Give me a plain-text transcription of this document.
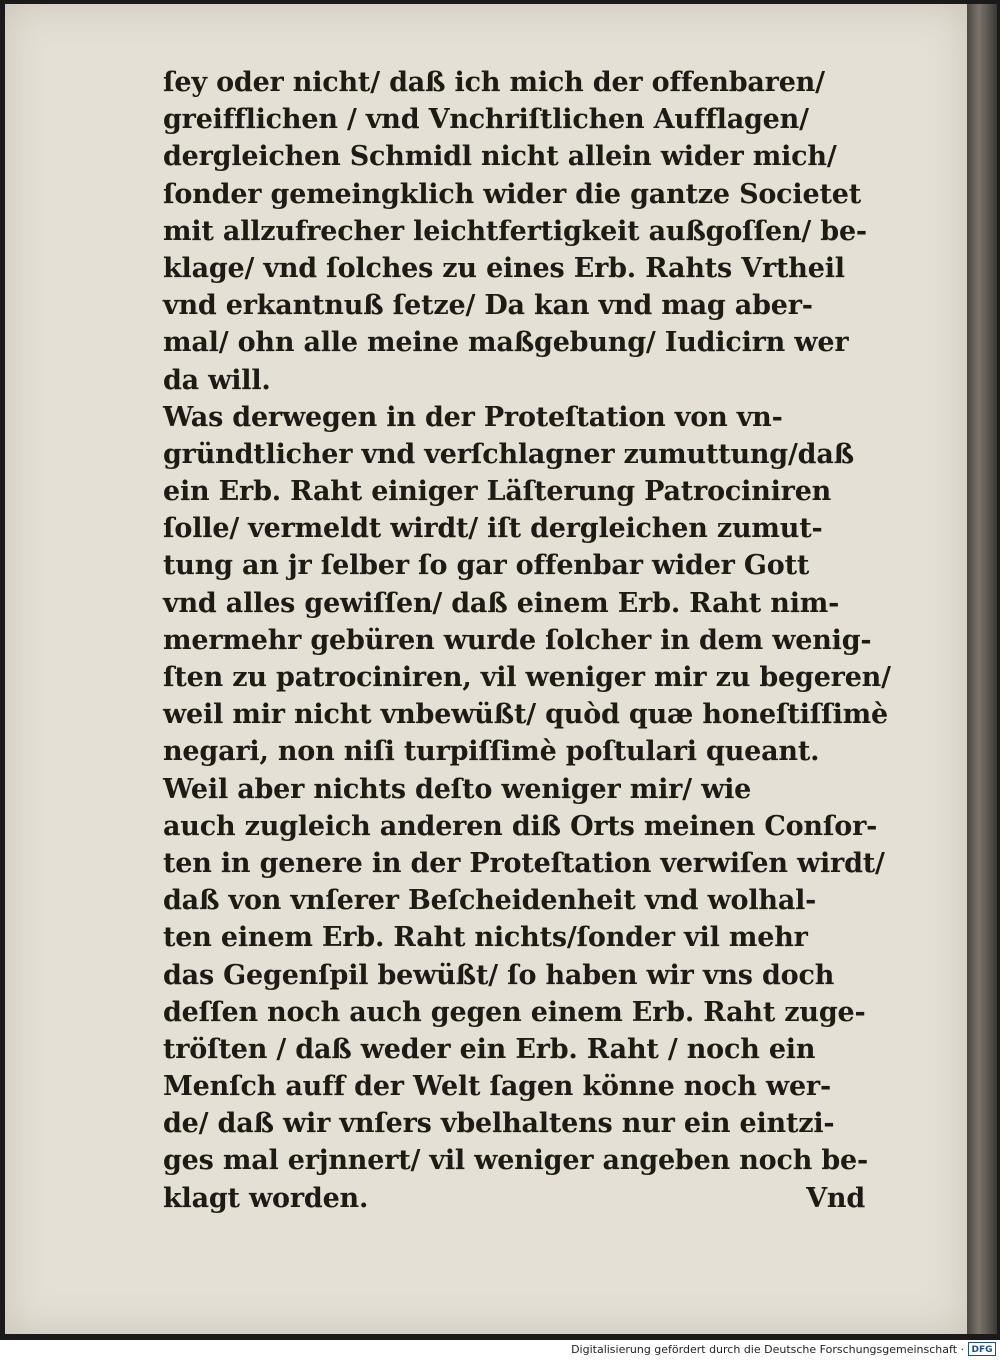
ſey oder nicht/ daß ich mich der offenbaren/
greifflichen / vnd Vnchriſtlichen Aufflagen/
dergleichen Schmidl nicht allein wider mich/
ſonder gemeingklich wider die gantze Societet
mit allzufrecher leichtfertigkeit außgoſſen/ be-
klage/ vnd ſolches zu eines Erb. Rahts Vrtheil
vnd erkantnuß ſetze/ Da kan vnd mag aber-
mal/ ohn alle meine maßgebung/ Iudicirn wer
da will.
Was derwegen in der Proteſtation von vn-
gründtlicher vnd verſchlagner zumuttung/daß
ein Erb. Raht einiger Läſterung Patrociniren
ſolle/ vermeldt wirdt/ iſt dergleichen zumut-
tung an jr ſelber ſo gar offenbar wider Gott
vnd alles gewiſſen/ daß einem Erb. Raht nim-
mermehr gebüren wurde ſolcher in dem wenig-
ſten zu patrociniren, vil weniger mir zu begeren/
weil mir nicht vnbewüßt/ quòd quæ honeſtiſſimè
negari, non niſi turpiſſimè poſtulari queant.
Weil aber nichts deſto weniger mir/ wie
auch zugleich anderen diß Orts meinen Conſor-
ten in genere in der Proteſtation verwiſen wirdt/
daß von vnſerer Beſcheidenheit vnd wolhal-
ten einem Erb. Raht nichts/ſonder vil mehr
das Gegenſpil bewüßt/ ſo haben wir vns doch
deſſen noch auch gegen einem Erb. Raht zuge-
tröſten / daß weder ein Erb. Raht / noch ein
Menſch auff der Welt ſagen könne noch wer-
de/ daß wir vnſers vbelhaltens nur ein eintzi-
ges mal erjnnert/ vil weniger angeben noch be-
klagt worden.	Vnd
Digitalisierung gefördert durch die Deutsche Forschungsgemeinschaft · DFG
